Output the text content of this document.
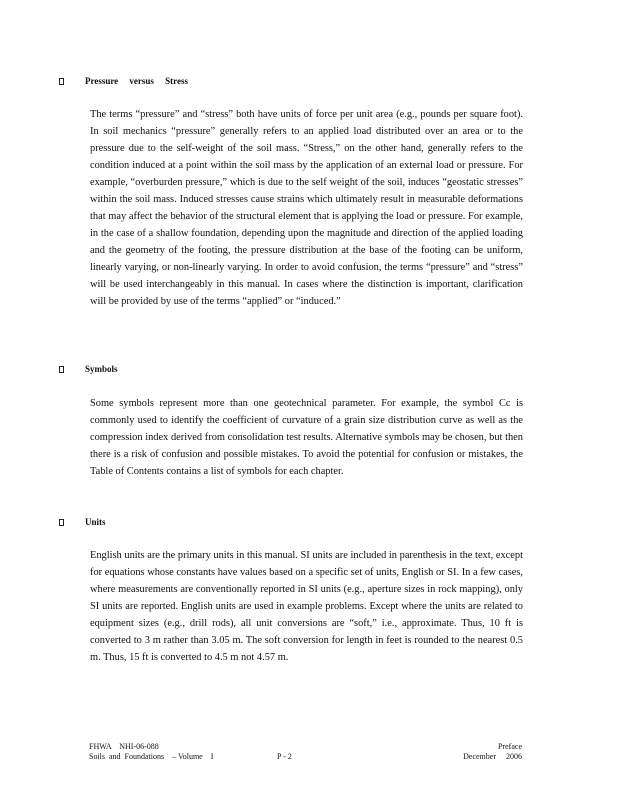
Pressure versus Stress

The terms “pressure” and “stress” both have units of force per unit area (e.g., pounds per square foot). In soil mechanics “pressure” generally refers to an applied load distributed over an area or to the pressure due to the self-weight of the soil mass. “Stress,” on the other hand, generally refers to the condition induced at a point within the soil mass by the application of an external load or pressure. For example, “overburden pressure,” which is due to the self weight of the soil, induces “geostatic stresses” within the soil mass. Induced stresses cause strains which ultimately result in measurable deformations that may affect the behavior of the structural element that is applying the load or pressure. For example, in the case of a shallow foundation, depending upon the magnitude and direction of the applied loading and the geometry of the footing, the pressure distribution at the base of the footing can be uniform, linearly varying, or non-linearly varying. In order to avoid confusion, the terms “pressure” and “stress” will be used interchangeably in this manual. In cases where the distinction is important, clarification will be provided by use of the terms “applied” or “induced.”

Symbols

Some symbols represent more than one geotechnical parameter. For example, the symbol Cc is commonly used to identify the coefficient of curvature of a grain size distribution curve as well as the compression index derived from consolidation test results. Alternative symbols may be chosen, but then there is a risk of confusion and possible mistakes. To avoid the potential for confusion or mistakes, the Table of Contents contains a list of symbols for each chapter.

Units

English units are the primary units in this manual. SI units are included in parenthesis in the text, except for equations whose constants have values based on a specific set of units, English or SI. In a few cases, where measurements are conventionally reported in SI units (e.g., aperture sizes in rock mapping), only SI units are reported. English units are used in example problems. Except where the units are related to equipment sizes (e.g., drill rods), all unit conversions are “soft,” i.e., approximate. Thus, 10 ft is converted to 3 m rather than 3.05 m. The soft conversion for length in feet is rounded to the nearest 0.5 m. Thus, 15 ft is converted to 4.5 m not 4.57 m.

FHWA    NHI-06-088
Soils  and  Foundations    – Volume    I	P - 2
Preface
December     2006
